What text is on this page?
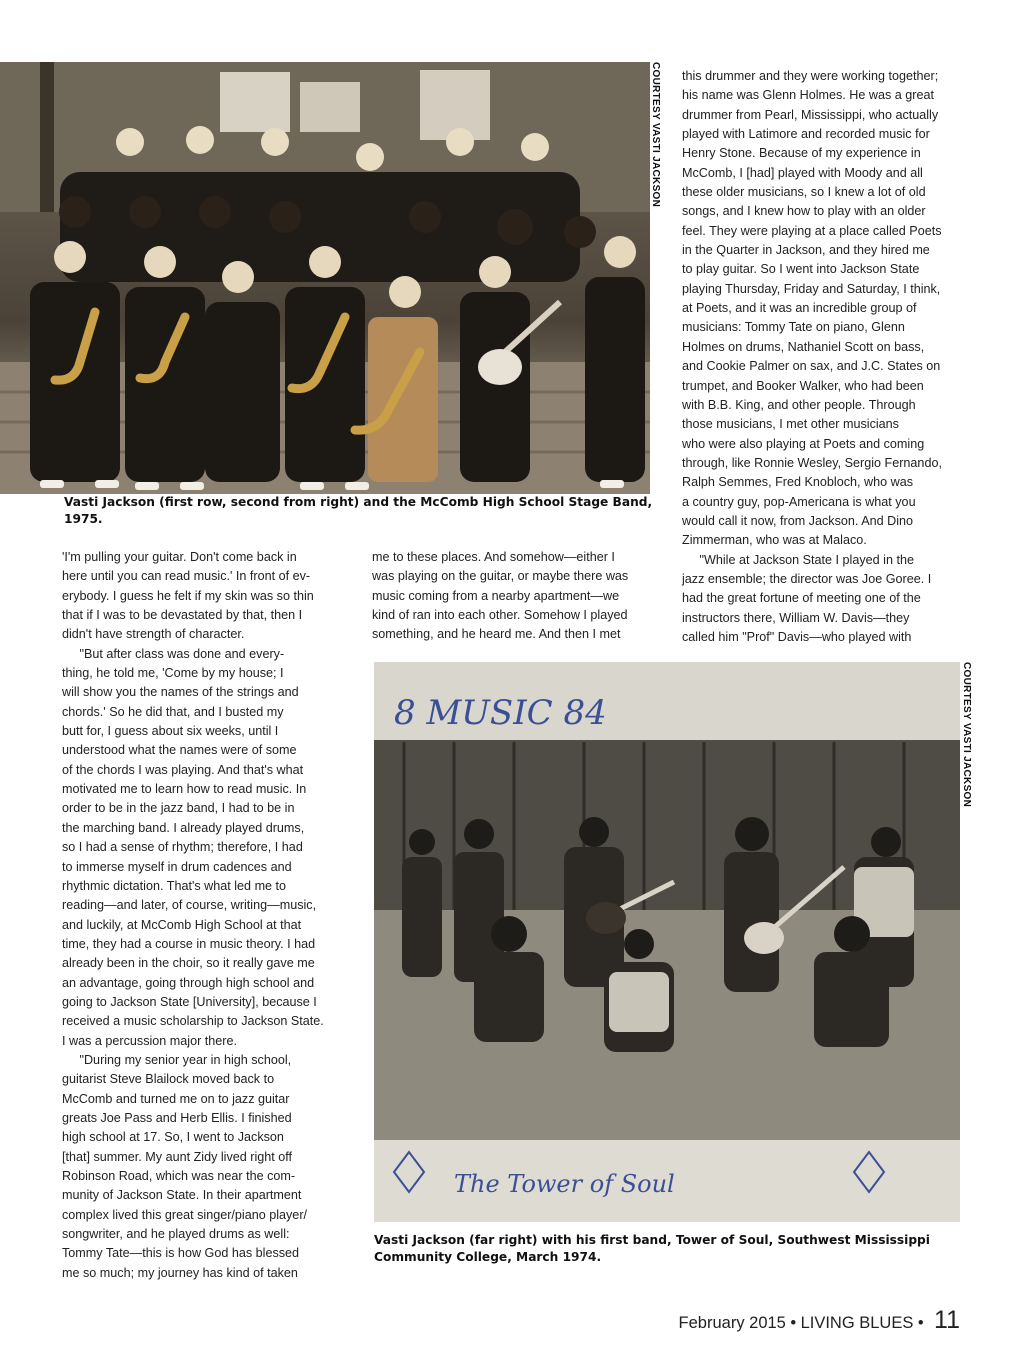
COURTESY VASTI JACKSON

Vasti Jackson (first row, second from right) and the McComb High School Stage Band, 1975.

'I'm pulling your guitar. Don't come back in

here until you can read music.' In front of ev-

erybody. I guess he felt if my skin was so thin

that if I was to be devastated by that, then I

didn't have strength of character.

"But after class was done and every-

thing, he told me, 'Come by my house; I

will show you the names of the strings and

chords.' So he did that, and I busted my

butt for, I guess about six weeks, until I

understood what the names were of some

of the chords I was playing. And that's what

motivated me to learn how to read music. In

order to be in the jazz band, I had to be in

the marching band. I already played drums,

so I had a sense of rhythm; therefore, I had

to immerse myself in drum cadences and

rhythmic dictation. That's what led me to

reading—and later, of course, writing—music,

and luckily, at McComb High School at that

time, they had a course in music theory. I had

already been in the choir, so it really gave me

an advantage, going through high school and

going to Jackson State [University], because I

received a music scholarship to Jackson State.

I was a percussion major there.

"During my senior year in high school,

guitarist Steve Blailock moved back to

McComb and turned me on to jazz guitar

greats Joe Pass and Herb Ellis. I finished

high school at 17. So, I went to Jackson

[that] summer. My aunt Zidy lived right off

Robinson Road, which was near the com-

munity of Jackson State. In their apartment

complex lived this great singer/piano player/

songwriter, and he played drums as well:

Tommy Tate—this is how God has blessed

me so much; my journey has kind of taken

me to these places. And somehow—either I

was playing on the guitar, or maybe there was

music coming from a nearby apartment—we

kind of ran into each other. Somehow I played

something, and he heard me. And then I met

this drummer and they were working together;

his name was Glenn Holmes. He was a great

drummer from Pearl, Mississippi, who actually

played with Latimore and recorded music for

Henry Stone. Because of my experience in

McComb, I [had] played with Moody and all

these older musicians, so I knew a lot of old

songs, and I knew how to play with an older

feel. They were playing at a place called Poets

in the Quarter in Jackson, and they hired me

to play guitar. So I went into Jackson State

playing Thursday, Friday and Saturday, I think,

at Poets, and it was an incredible group of

musicians: Tommy Tate on piano, Glenn

Holmes on drums, Nathaniel Scott on bass,

and Cookie Palmer on sax, and J.C. States on

trumpet, and Booker Walker, who had been

with B.B. King, and other people. Through

those musicians, I met other musicians

who were also playing at Poets and coming

through, like Ronnie Wesley, Sergio Fernando,

Ralph Semmes, Fred Knobloch, who was

a country guy, pop-Americana is what you

would call it now, from Jackson. And Dino

Zimmerman, who was at Malaco.

"While at Jackson State I played in the

jazz ensemble; the director was Joe Goree. I

had the great fortune of meeting one of the

instructors there, William W. Davis—they

called him "Prof" Davis—who played with

8 MUSIC 84
The Tower of Soul
COURTESY VASTI JACKSON

Vasti Jackson (far right) with his first band, Tower of Soul, Southwest Mississippi Community College, March 1974.

February 2015 • LIVING BLUES • 11
